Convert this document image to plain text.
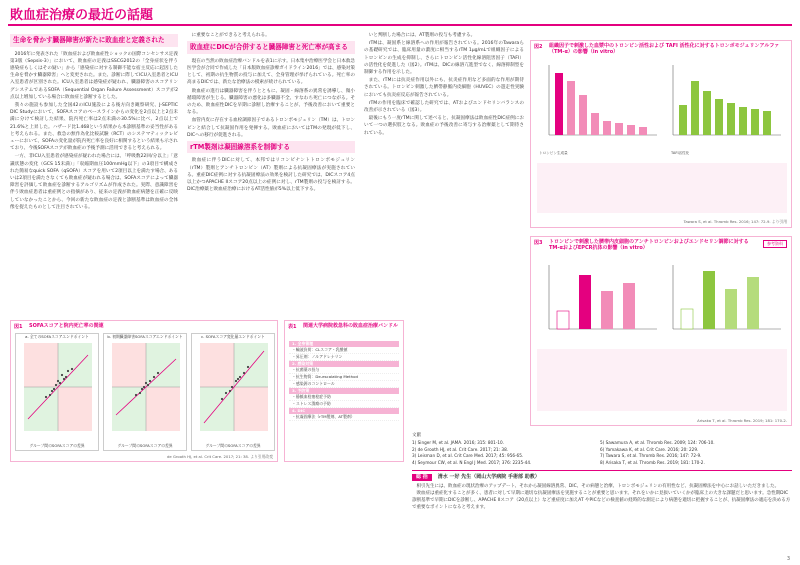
敗血症治療の最近の話題
生命を脅かす臓器障害が新たに敗血症と定義された

2016年に発表された「敗血症および敗血症性ショックの国際コンセンサス定義第3版（Sepsis-3）」において、敗血症の定義はSSCG2012の「全身症状を伴う感染症もしくはその疑い」から「感染症に対する制御不能な宿主反応に起因した生命を脅かす臓器障害」へと変更された。また、診断に際してICU入室患者とICU入室患者が区別された。ICU入室患者は感染症が疑われ、臓器障害のスコアリングシステムであるSOFA（Sequential Organ Failure Assessment）スコアが2点以上増加している場合に敗血症と診断するとした。

我々の施設も参加した全国42のICU施設による後方向き観察研究、J-SEPTIC DIC Studyにおいて、SOFAスコアのベースラインからの変化を2点以上と2点未満に分けて検討した結果、院内死亡率は2点未満の30.5%に比べ、2点以上で21.6%と上昇した。ハザード比1.468という結果から本診断基準の妥当性があると考えられる。また、救急の無作為化比較試験（RCT）のシステマティックレビューにおいて、SOFAの変化量が院内死亡率を良好に相関するという結果も示されており、今後SOFAスコアが敗血症の予後予測に活用できると考えられる。

一方、非ICU入室患者が感染症が疑われた場合には、「呼吸数22回/分以上」「意識状態の変化（GCS 15未満）」「収縮期血圧100mmHg以下」の3項目で構成された簡易なquick SOFA（qSOFA）スコアを用いて2項目以上を満たす場合、あるいは2項目を満たさなくても敗血症が疑われる場合は、SOFAスコアによって臓器障害を評価して敗血症を診断するアルゴリズムが作成された。実際、意識障害を伴う敗血症患者は重症例との指摘があり、従来の定義が敗血症病態を正確に反映していなかったことから、今回の新たな敗血症の定義と診断基準は敗血症の全体像を捉えたものとして注目されている。

に重要なことができると考えられる。

敗血症にDICが合併すると臓器障害と死亡率が高まる

現在の当然の敗血症治療バンドルを表1に示す。日本集中治療医学会と日本救急医学会が合同で作成した「日本版敗血症診療ガイドライン2016」では、感染対策として、初期の抗生物質の投与に加えて、全身管理が挙げられている。死亡率の高まるDICでは、新たな治療法の模索が続けられている。

敗血症の進行は臓器障害を伴うとともに、凝固・線溶系の異常を誘導し、微小循環障害が生じる。臓器障害の悪化は多臓器不全、すなわち死亡につながる。そのため、敗血症性DICを早期に診断し治療することが、予後改善において重要となる。

血管内皮に存在する血栓調節因子であるトロンボモジュリン（TM）は、トロンビンと結合して抗凝固作用を発揮する。敗血症においてはTMの発現が低下し、DICへの移行が促進される。

rTM製剤は凝固線溶系を制御する

敗血症に伴うDICに対して、本邦ではリコンビナントトロンボモジュリン（rTM）製剤とアンチトロンビン（AT）製剤による抗凝固療法が実施されている。重症DIC症例に対する抗凝固療法の効果を検討した研究では、DICスコア4点以上かつAPACHE IIスコア20点以上の症例に対し、rTM製剤の投与を検討する。DIC治療薬と敗血症治療におけるAT活性値が5%以上低下する。

いと判断した場合には、AT製剤の投与も考慮する。

rTMは、凝固系と線溶系への作用が報告されている。2016年のTawaraらの基礎研究では、臨床用量の濃度に相当するrTM 1μg/mLで組織因子によるトロンビンの生成を抑制し、さらにトロンビン活性化線溶阻害因子（TAFI）の活性化を促進した（図2）。rTMは、DICの線溶亢進型でなく、線溶抑制型を制御する作用を示した。

また、rTMには抗炎症作用以外にも、抗炎症作用など多面的な作用が期待されている。トロンビン刺激した臍帯静脈内皮細胞（HUVEC）の遊走性実験においても抗炎症反応が報告されている。

rTMの作用を臨床で確認した研究では、ATおよびエンドセリンバランスの改善が示されている（図3）。

最後にもう一度rTMに関して述べると、抗凝固療法は敗血症性DIC症例において一つの選択肢となる。敗血症の予後改善に寄与する治療薬として期待されている。

図1 SOFAスコアと院内死亡率の関連
a. 全てのSOFAスコアエンドポイント
グループ間のSOFAスコアの差異
b. 初期臓器障害SOFAスコアエンドポイント
グループ間のSOFAスコアの差異
c. SOFAスコア変化量エンドポイント
グループ間のSOFAスコアの差異
de Grooth HJ, et al. Crit Care. 2017; 21: 38. より引用改変
表1 関連大学病院救急科の敗血症治療バンドル
1. 全身管理
・輸液負荷：CLスコア・乳酸値
・昇圧剤：ノルアドレナリン
2. 感染対策
・抗菌薬の投与
・抗生物質：De-escalating Method
・感染源のコントロール
3. 予防策
・静脈血栓塞栓症予防
・ストレス潰瘍の予防
4. DIC
・抗凝固療法（rTM製剤、AT製剤）
図2 組織因子で刺激した血漿中のトロンビン活性および TAFI 活性化に対するトロンボモジュリンアルファ（TM-α）の影響（in vitro）
トロンビン生成量	TAFI活性化
Tawara S, et al. Thromb Res. 2016; 147: 72-9. より引用
図3 トロンビンで刺激した臍帯内皮細胞のアンチトロンビンおよびエンドセリン調節に対するTM-αおよびEPCR抗体の影響（in vitro）
参考資料
Arisaka T, et al. Thromb Res. 2019; 181: 170-2.
文献
1) Singer M, et al. JAMA. 2016; 315: 801-10.
2) de Grooth HJ, et al. Crit Care. 2017; 21: 38.
3) Leisman D, et al. Crit Care Med. 2017; 45: 956-65.
4) Seymour CW, et al. N Engl J Med. 2017; 376: 2235-44.
5) Sawamura A, et al. Thromb Res. 2009; 124: 706-10.
6) Yamakawa K, et al. Crit Care. 2016; 20: 229.
7) Tawara S, et al. Thromb Res. 2016; 147: 72-9.
8) Arisaka T, et al. Thromb Res. 2019; 181: 170-2.
総 括	清水 一好 先生（岡山大学病院 手術部 助教）

相引先生には、敗血症の現状治療のアップデート、それから凝固線溶異常、DIC、その病態と治療、トロンボモジュリンの有用性など、抗凝固療法を中心にお話しいただきました。

敗血症は重症化することが多く、患者に対して早期に適切な抗凝固療法を実施することが重要と思います。それをいかに見抜いていくかが臨床上の大きな課題だと思います。急性期DIC診断基準で早期にDICを診断し、APACHE IIスコア（20点以上）など重症度に加えAT やPICなどの検査値の経時的な測定により病態を適切に把握することが、抗凝固療法の適応を決める方で重要なポイントになると考えます。

3
